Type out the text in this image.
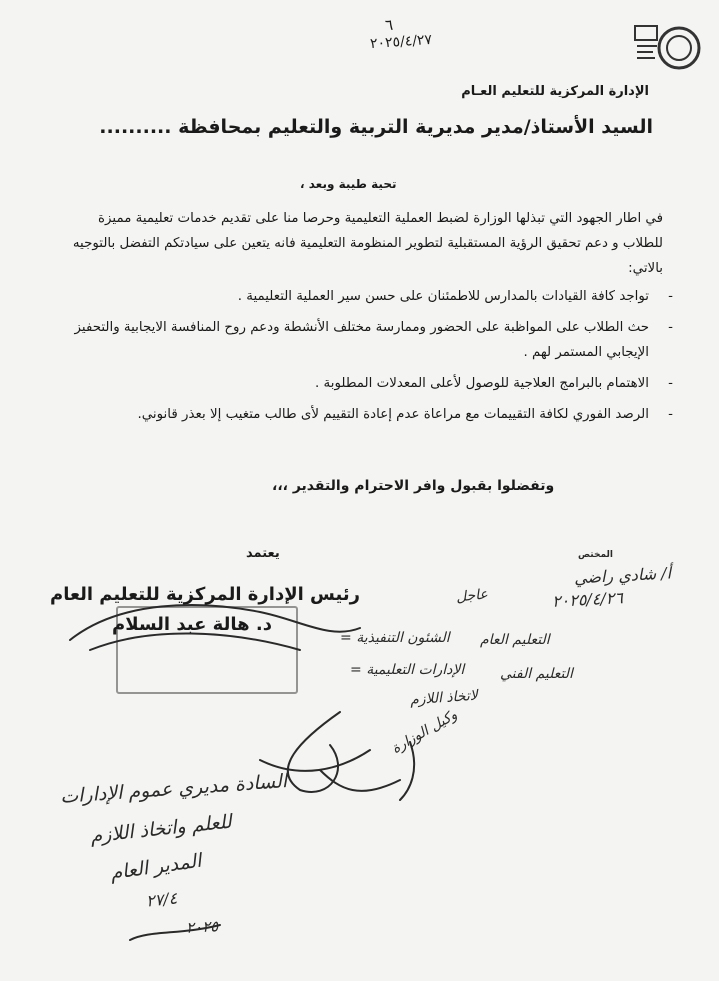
الإدارة المركزية للتعليم العـام
٦
٢٠٢٥/٤/٢٧
السيد الأستاذ/مدير مديرية التربية والتعليم بمحافظة ..........
تحية طيبة وبعد ،
في اطار الجهود التي تبذلها الوزارة لضبط العملية التعليمية وحرصا منا على تقديم خدمات تعليمية مميزة للطلاب و دعم تحقيق الرؤية المستقبلية لتطوير المنظومة التعليمية فانه يتعين على سيادتكم التفضل بالتوجيه بالاتي:
-
تواجد كافة القيادات بالمدارس للاطمئنان على حسن سير العملية التعليمية .
-
حث الطلاب على المواظبة على الحضور وممارسة مختلف الأنشطة ودعم روح المنافسة الايجابية والتحفيز الإيجابي المستمر لهم .
-
الاهتمام بالبرامج العلاجية للوصول لأعلى المعدلات المطلوبة .
-
الرصد الفوري لكافة التقييمات مع مراعاة عدم إعادة التقييم لأى طالب متغيب إلا بعذر قانوني.
وتفضلوا بقبول وافر الاحترام والتقدير ،،،
يعتمد
رئيس الإدارة المركزية للتعليم العام
د. هالة عبد السلام
المختص
أ/ شادي راضي
٢٠٢٥/٤/٢٦
عاجل
التعليم العام
= الشئون التنفيذية
التعليم الفني
= الإدارات التعليمية
لاتخاذ اللازم
وكيل الوزارة
السادة مديري عموم الإدارات
للعلم واتخاذ اللازم
المدير العام
٢٧/٤
٢٠٢٥
